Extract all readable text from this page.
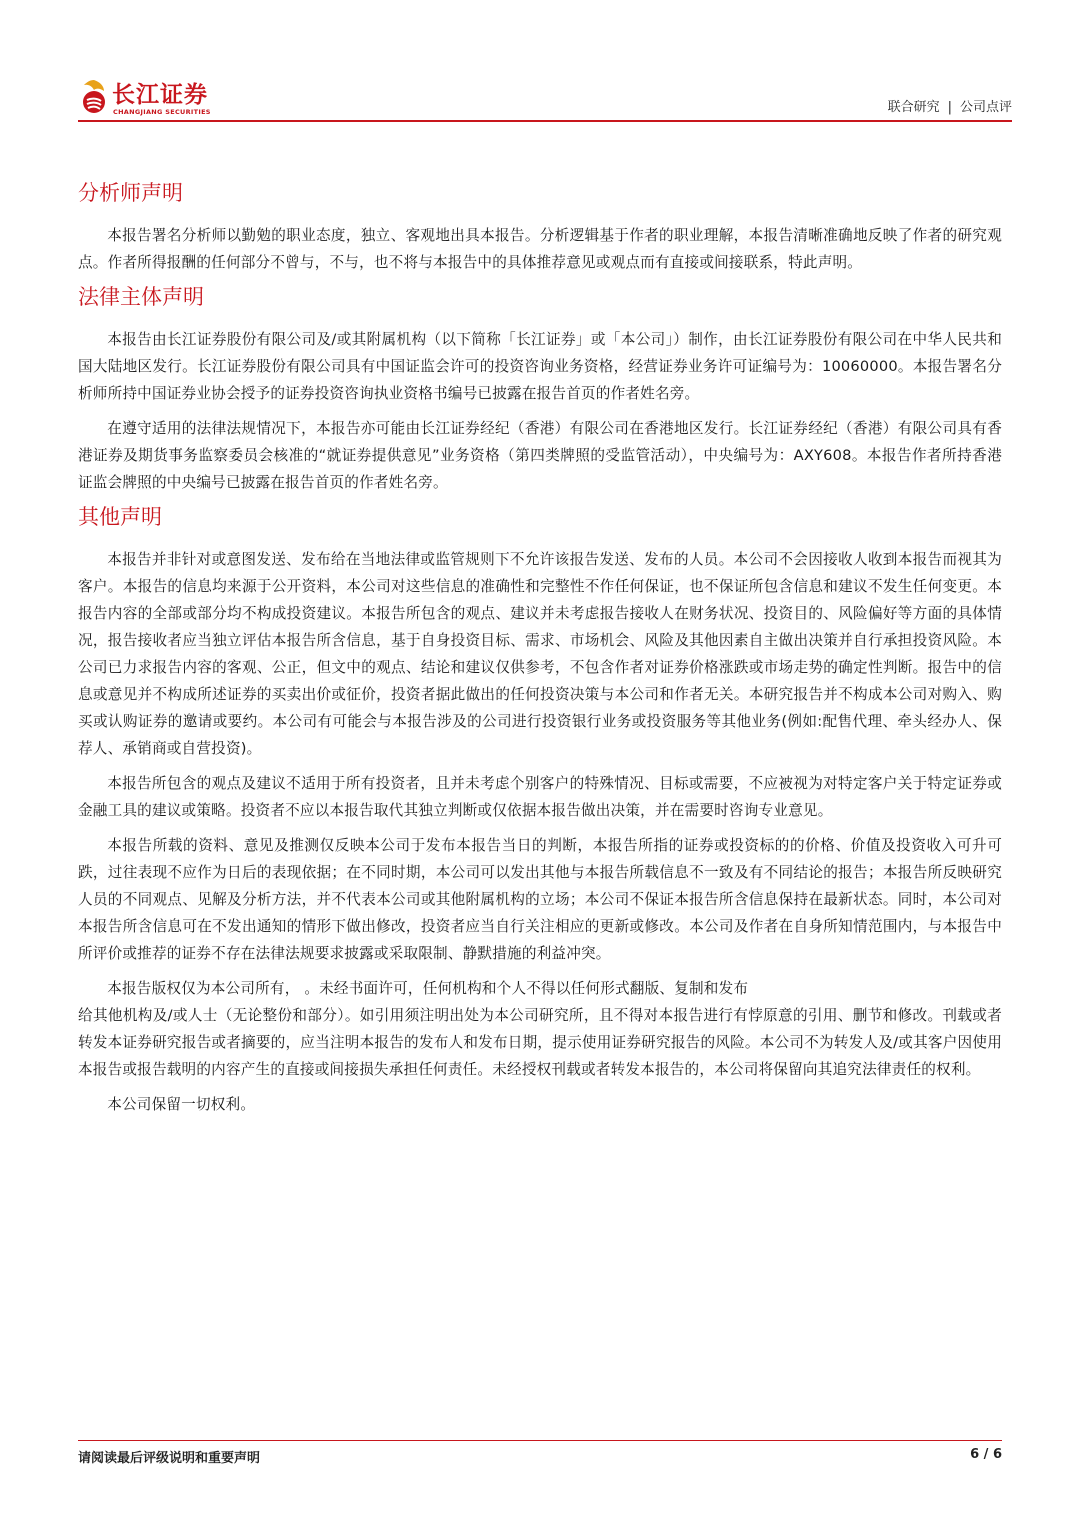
长江证券
CHANGJIANG SECURITIES	联合研究 | 公司点评
分析师声明

本报告署名分析师以勤勉的职业态度，独立、客观地出具本报告。分析逻辑基于作者的职业理解，本报告清晰准确地反映了作者的研究观点。作者所得报酬的任何部分不曾与，不与，也不将与本报告中的具体推荐意见或观点而有直接或间接联系，特此声明。

法律主体声明

本报告由长江证券股份有限公司及/或其附属机构（以下简称「长江证券」或「本公司」）制作，由长江证券股份有限公司在中华人民共和国大陆地区发行。长江证券股份有限公司具有中国证监会许可的投资咨询业务资格，经营证券业务许可证编号为：10060000。本报告署名分析师所持中国证券业协会授予的证券投资咨询执业资格书编号已披露在报告首页的作者姓名旁。

在遵守适用的法律法规情况下，本报告亦可能由长江证券经纪（香港）有限公司在香港地区发行。长江证券经纪（香港）有限公司具有香港证券及期货事务监察委员会核准的“就证券提供意见”业务资格（第四类牌照的受监管活动），中央编号为：AXY608。本报告作者所持香港证监会牌照的中央编号已披露在报告首页的作者姓名旁。

其他声明

本报告并非针对或意图发送、发布给在当地法律或监管规则下不允许该报告发送、发布的人员。本公司不会因接收人收到本报告而视其为客户。本报告的信息均来源于公开资料，本公司对这些信息的准确性和完整性不作任何保证，也不保证所包含信息和建议不发生任何变更。本报告内容的全部或部分均不构成投资建议。本报告所包含的观点、建议并未考虑报告接收人在财务状况、投资目的、风险偏好等方面的具体情况，报告接收者应当独立评估本报告所含信息，基于自身投资目标、需求、市场机会、风险及其他因素自主做出决策并自行承担投资风险。本公司已力求报告内容的客观、公正，但文中的观点、结论和建议仅供参考，不包含作者对证券价格涨跌或市场走势的确定性判断。报告中的信息或意见并不构成所述证券的买卖出价或征价，投资者据此做出的任何投资决策与本公司和作者无关。本研究报告并不构成本公司对购入、购买或认购证券的邀请或要约。本公司有可能会与本报告涉及的公司进行投资银行业务或投资服务等其他业务(例如:配售代理、牵头经办人、保荐人、承销商或自营投资)。

本报告所包含的观点及建议不适用于所有投资者，且并未考虑个别客户的特殊情况、目标或需要，不应被视为对特定客户关于特定证券或金融工具的建议或策略。投资者不应以本报告取代其独立判断或仅依据本报告做出决策，并在需要时咨询专业意见。

本报告所载的资料、意见及推测仅反映本公司于发布本报告当日的判断，本报告所指的证券或投资标的的价格、价值及投资收入可升可跌，过往表现不应作为日后的表现依据；在不同时期，本公司可以发出其他与本报告所载信息不一致及有不同结论的报告；本报告所反映研究人员的不同观点、见解及分析方法，并不代表本公司或其他附属机构的立场；本公司不保证本报告所含信息保持在最新状态。同时，本公司对本报告所含信息可在不发出通知的情形下做出修改，投资者应当自行关注相应的更新或修改。本公司及作者在自身所知情范围内，与本报告中所评价或推荐的证券不存在法律法规要求披露或采取限制、静默措施的利益冲突。

本报告版权仅为本公司所有， 。未经书面许可，任何机构和个人不得以任何形式翻版、复制和发布
给其他机构及/或人士（无论整份和部分）。如引用须注明出处为本公司研究所，且不得对本报告进行有悖原意的引用、删节和修改。刊载或者转发本证券研究报告或者摘要的，应当注明本报告的发布人和发布日期，提示使用证券研究报告的风险。本公司不为转发人及/或其客户因使用本报告或报告载明的内容产生的直接或间接损失承担任何责任。未经授权刊载或者转发本报告的，本公司将保留向其追究法律责任的权利。

本公司保留一切权利。

请阅读最后评级说明和重要声明	6 / 6
